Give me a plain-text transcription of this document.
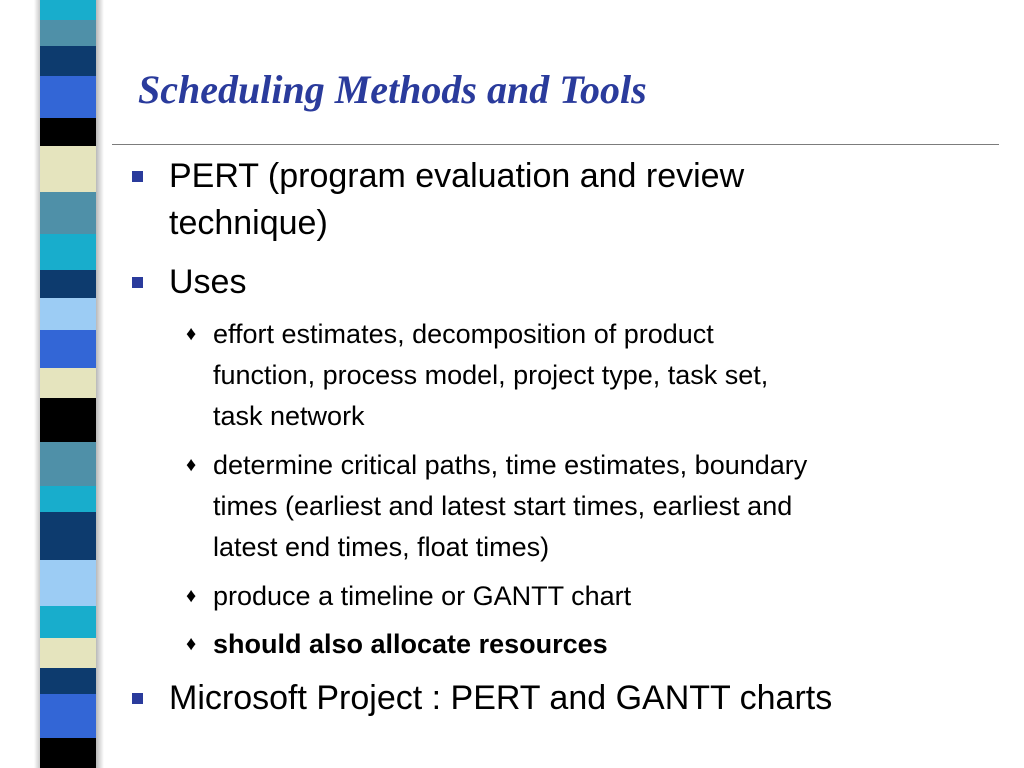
Scheduling Methods and Tools
PERT (program evaluation and review
technique)
Uses
♦ effort estimates, decomposition of product
function, process model, project type, task set,
task network
♦ determine critical paths, time estimates, boundary
times (earliest and latest start times, earliest and
latest end times, float times)
♦ produce a timeline or GANTT chart
♦ should also allocate resources
Microsoft Project : PERT and GANTT charts
